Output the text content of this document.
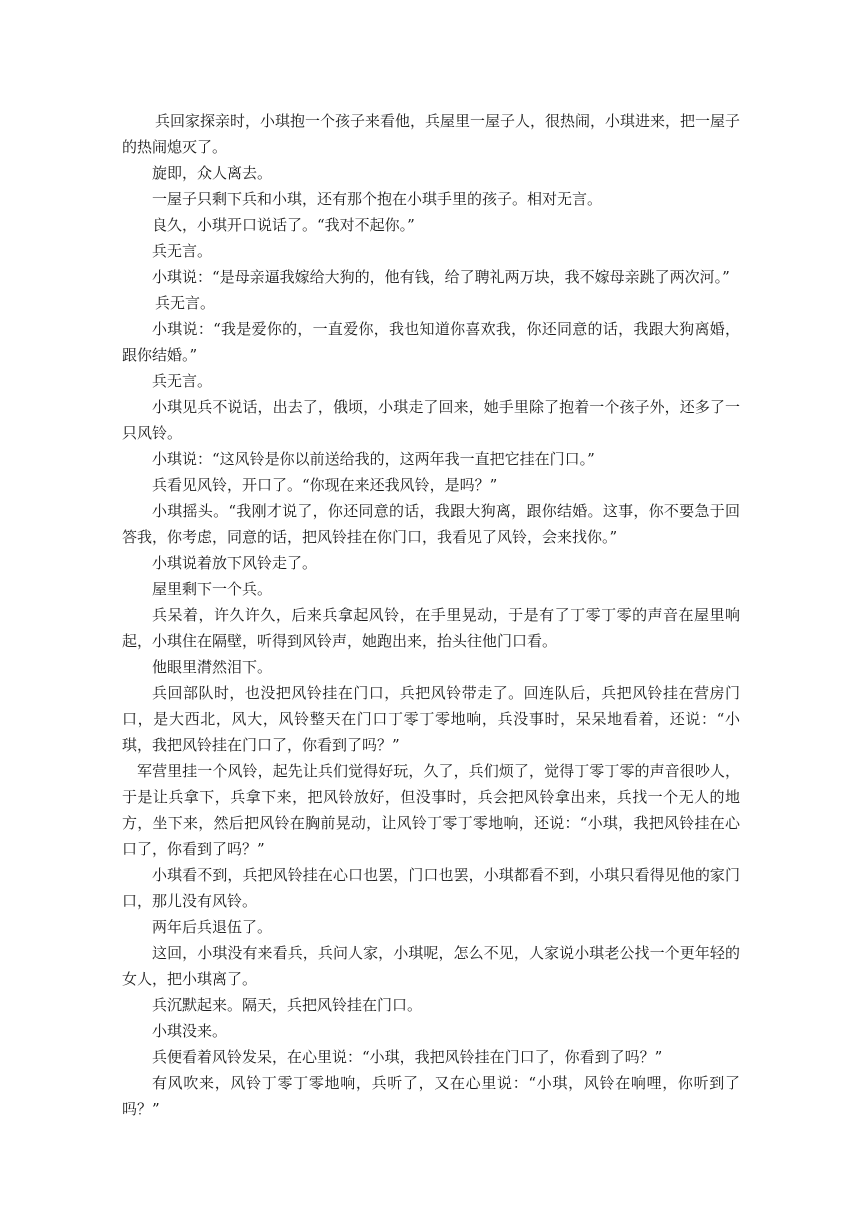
兵回家探亲时，小琪抱一个孩子来看他，兵屋里一屋子人，很热闹，小琪进来，把一屋子的热闹熄灭了。

旋即，众人离去。

一屋子只剩下兵和小琪，还有那个抱在小琪手里的孩子。相对无言。

良久，小琪开口说话了。“我对不起你。”

兵无言。

小琪说：“是母亲逼我嫁给大狗的，他有钱，给了聘礼两万块，我不嫁母亲跳了两次河。”

兵无言。

小琪说：“我是爱你的，一直爱你，我也知道你喜欢我，你还同意的话，我跟大狗离婚，跟你结婚。”

兵无言。

小琪见兵不说话，出去了，俄顷，小琪走了回来，她手里除了抱着一个孩子外，还多了一只风铃。

小琪说：“这风铃是你以前送给我的，这两年我一直把它挂在门口。”

兵看见风铃，开口了。“你现在来还我风铃，是吗？”

小琪摇头。“我刚才说了，你还同意的话，我跟大狗离，跟你结婚。这事，你不要急于回答我，你考虑，同意的话，把风铃挂在你门口，我看见了风铃，会来找你。”

小琪说着放下风铃走了。

屋里剩下一个兵。

兵呆着，许久许久，后来兵拿起风铃，在手里晃动，于是有了丁零丁零的声音在屋里响起，小琪住在隔壁，听得到风铃声，她跑出来，抬头往他门口看。

他眼里潸然泪下。

兵回部队时，也没把风铃挂在门口，兵把风铃带走了。回连队后，兵把风铃挂在营房门口，是大西北，风大，风铃整天在门口丁零丁零地响，兵没事时，呆呆地看着，还说：“小琪，我把风铃挂在门口了，你看到了吗？”

军营里挂一个风铃，起先让兵们觉得好玩，久了，兵们烦了，觉得丁零丁零的声音很吵人，于是让兵拿下，兵拿下来，把风铃放好，但没事时，兵会把风铃拿出来，兵找一个无人的地方，坐下来，然后把风铃在胸前晃动，让风铃丁零丁零地响，还说：“小琪，我把风铃挂在心口了，你看到了吗？”

小琪看不到，兵把风铃挂在心口也罢，门口也罢，小琪都看不到，小琪只看得见他的家门口，那儿没有风铃。

两年后兵退伍了。

这回，小琪没有来看兵，兵问人家，小琪呢，怎么不见，人家说小琪老公找一个更年轻的女人，把小琪离了。

兵沉默起来。隔天，兵把风铃挂在门口。

小琪没来。

兵便看着风铃发呆，在心里说：“小琪，我把风铃挂在门口了，你看到了吗？”

有风吹来，风铃丁零丁零地响，兵听了，又在心里说：“小琪，风铃在响哩，你听到了吗？”
